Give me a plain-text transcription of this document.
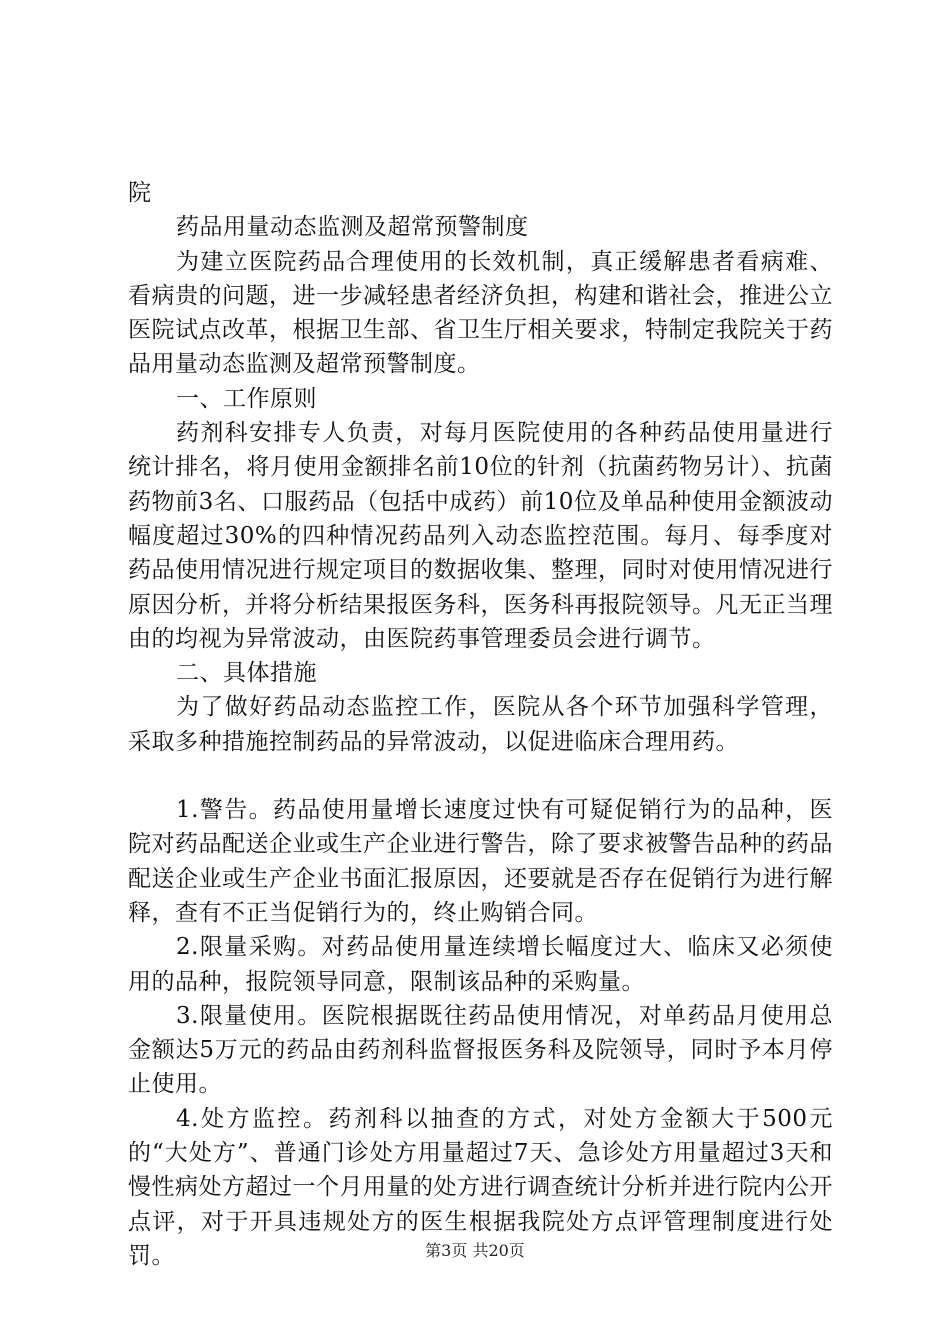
院

药品用量动态监测及超常预警制度

为建立医院药品合理使用的长效机制，真正缓解患者看病难、看病贵的问题，进一步减轻患者经济负担，构建和谐社会，推进公立医院试点改革，根据卫生部、省卫生厅相关要求，特制定我院关于药品用量动态监测及超常预警制度。

一、工作原则

药剂科安排专人负责，对每月医院使用的各种药品使用量进行统计排名，将月使用金额排名前10位的针剂（抗菌药物另计）、抗菌药物前3名、口服药品（包括中成药）前10位及单品种使用金额波动幅度超过30%的四种情况药品列入动态监控范围。每月、每季度对药品使用情况进行规定项目的数据收集、整理，同时对使用情况进行原因分析，并将分析结果报医务科，医务科再报院领导。凡无正当理由的均视为异常波动，由医院药事管理委员会进行调节。

二、具体措施

为了做好药品动态监控工作，医院从各个环节加强科学管理，采取多种措施控制药品的异常波动，以促进临床合理用药。

1.警告。药品使用量增长速度过快有可疑促销行为的品种，医院对药品配送企业或生产企业进行警告，除了要求被警告品种的药品配送企业或生产企业书面汇报原因，还要就是否存在促销行为进行解释，查有不正当促销行为的，终止购销合同。

2.限量采购。对药品使用量连续增长幅度过大、临床又必须使用的品种，报院领导同意，限制该品种的采购量。

3.限量使用。医院根据既往药品使用情况，对单药品月使用总金额达5万元的药品由药剂科监督报医务科及院领导，同时予本月停止使用。

4.处方监控。药剂科以抽查的方式，对处方金额大于500元的“大处方”、普通门诊处方用量超过7天、急诊处方用量超过3天和慢性病处方超过一个月用量的处方进行调查统计分析并进行院内公开点评，对于开具违规处方的医生根据我院处方点评管理制度进行处罚。	第3页 共20页
